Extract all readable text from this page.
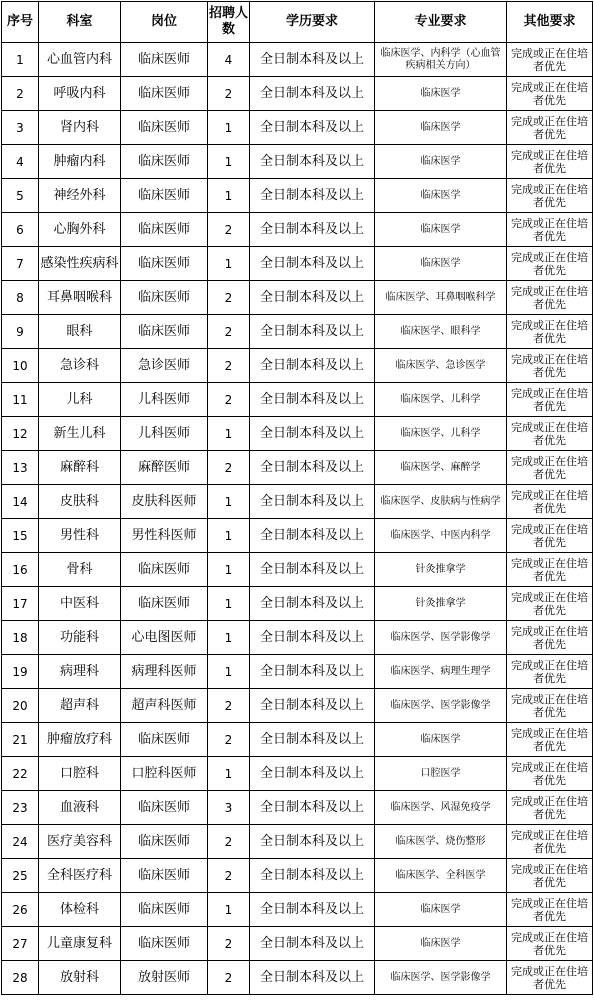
序号	科室	岗位	招聘人数	学历要求	专业要求	其他要求
1	心血管内科	临床医师	4	全日制本科及以上	临床医学、内科学（心血管疾病相关方向）	完成或正在住培者优先
2	呼吸内科	临床医师	2	全日制本科及以上	临床医学	完成或正在住培者优先
3	肾内科	临床医师	1	全日制本科及以上	临床医学	完成或正在住培者优先
4	肿瘤内科	临床医师	1	全日制本科及以上	临床医学	完成或正在住培者优先
5	神经外科	临床医师	1	全日制本科及以上	临床医学	完成或正在住培者优先
6	心胸外科	临床医师	2	全日制本科及以上	临床医学	完成或正在住培者优先
7	感染性疾病科	临床医师	1	全日制本科及以上	临床医学	完成或正在住培者优先
8	耳鼻咽喉科	临床医师	2	全日制本科及以上	临床医学、耳鼻咽喉科学	完成或正在住培者优先
9	眼科	临床医师	2	全日制本科及以上	临床医学、眼科学	完成或正在住培者优先
10	急诊科	急诊医师	2	全日制本科及以上	临床医学、急诊医学	完成或正在住培者优先
11	儿科	儿科医师	2	全日制本科及以上	临床医学、儿科学	完成或正在住培者优先
12	新生儿科	儿科医师	1	全日制本科及以上	临床医学、儿科学	完成或正在住培者优先
13	麻醉科	麻醉医师	2	全日制本科及以上	临床医学、麻醉学	完成或正在住培者优先
14	皮肤科	皮肤科医师	1	全日制本科及以上	临床医学、皮肤病与性病学	完成或正在住培者优先
15	男性科	男性科医师	1	全日制本科及以上	临床医学、中医内科学	完成或正在住培者优先
16	骨科	临床医师	1	全日制本科及以上	针灸推拿学	完成或正在住培者优先
17	中医科	临床医师	1	全日制本科及以上	针灸推拿学	完成或正在住培者优先
18	功能科	心电图医师	1	全日制本科及以上	临床医学、医学影像学	完成或正在住培者优先
19	病理科	病理科医师	1	全日制本科及以上	临床医学、病理生理学	完成或正在住培者优先
20	超声科	超声科医师	2	全日制本科及以上	临床医学、医学影像学	完成或正在住培者优先
21	肿瘤放疗科	临床医师	2	全日制本科及以上	临床医学	完成或正在住培者优先
22	口腔科	口腔科医师	1	全日制本科及以上	口腔医学	完成或正在住培者优先
23	血液科	临床医师	3	全日制本科及以上	临床医学、风湿免疫学	完成或正在住培者优先
24	医疗美容科	临床医师	2	全日制本科及以上	临床医学、烧伤整形	完成或正在住培者优先
25	全科医疗科	临床医师	2	全日制本科及以上	临床医学、全科医学	完成或正在住培者优先
26	体检科	临床医师	1	全日制本科及以上	临床医学	完成或正在住培者优先
27	儿童康复科	临床医师	2	全日制本科及以上	临床医学	完成或正在住培者优先
28	放射科	放射医师	2	全日制本科及以上	临床医学、医学影像学	完成或正在住培者优先
